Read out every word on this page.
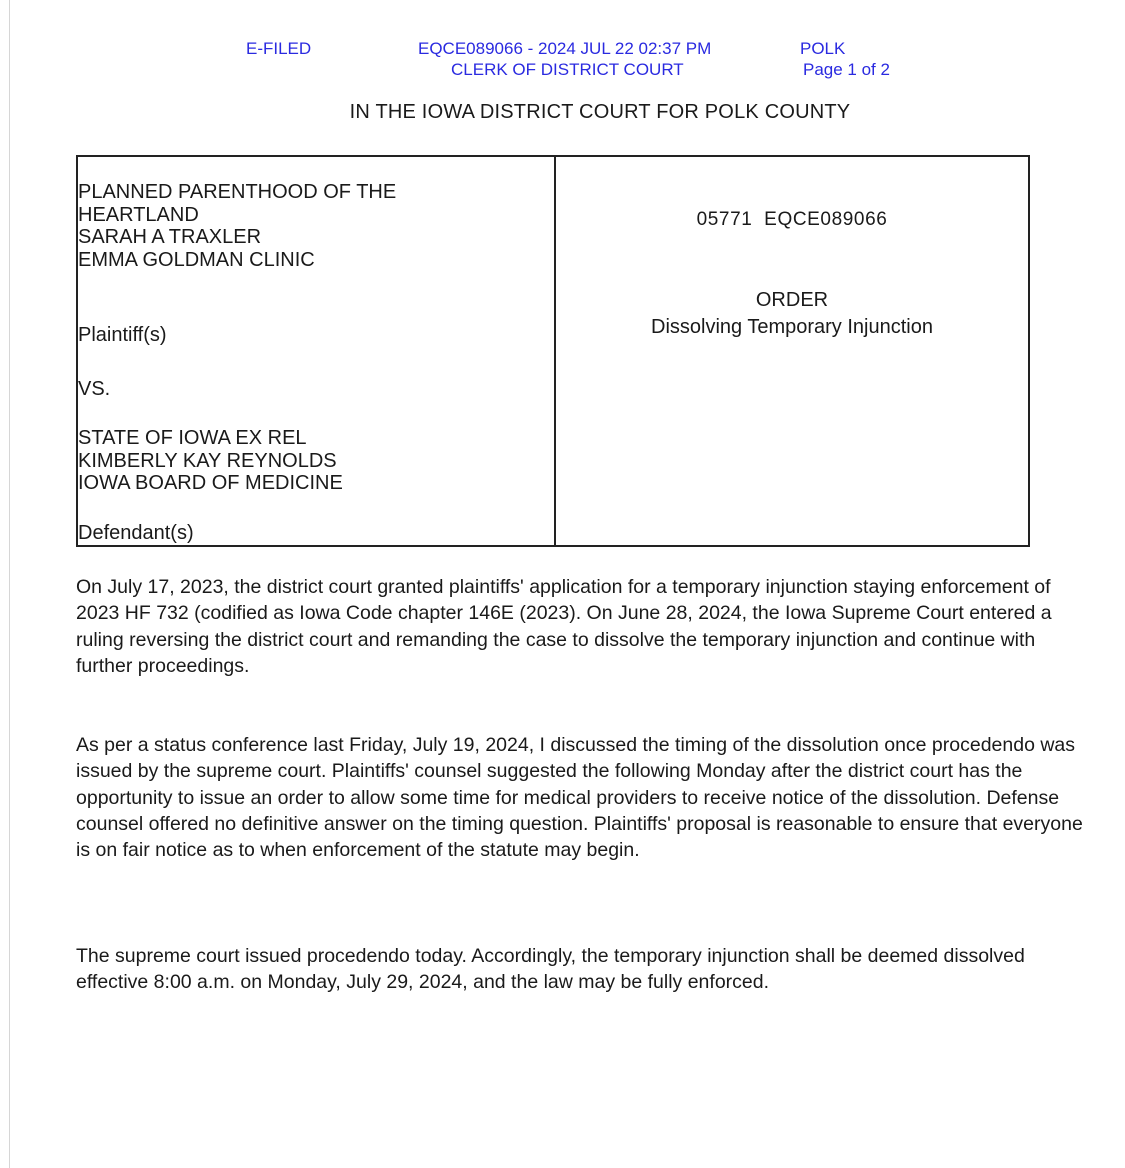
E-FILED	EQCE089066 - 2024 JUL 22 02:37 PM
CLERK OF DISTRICT COURT
POLK
Page 1 of 2
IN THE IOWA DISTRICT COURT FOR POLK COUNTY
PLANNED PARENTHOOD OF THE
HEARTLAND
SARAH A TRAXLER
EMMA GOLDMAN CLINIC
Plaintiff(s)
VS.
STATE OF IOWA EX REL
KIMBERLY KAY REYNOLDS
IOWA BOARD OF MEDICINE
Defendant(s)
05771  EQCE089066
ORDER
Dissolving Temporary Injunction

On July 17, 2023, the district court granted plaintiffs' application for a temporary injunction staying enforcement of 2023 HF 732 (codified as Iowa Code chapter 146E (2023). On June 28, 2024, the Iowa Supreme Court entered a ruling reversing the district court and remanding the case to dissolve the temporary injunction and continue with further proceedings.

As per a status conference last Friday, July 19, 2024, I discussed the timing of the dissolution once procedendo was issued by the supreme court. Plaintiffs' counsel suggested the following Monday after the district court has the opportunity to issue an order to allow some time for medical providers to receive notice of the dissolution. Defense counsel offered no definitive answer on the timing question. Plaintiffs' proposal is reasonable to ensure that everyone is on fair notice as to when enforcement of the statute may begin.

The supreme court issued procedendo today. Accordingly, the temporary injunction shall be deemed dissolved effective 8:00 a.m. on Monday, July 29, 2024, and the law may be fully enforced.
